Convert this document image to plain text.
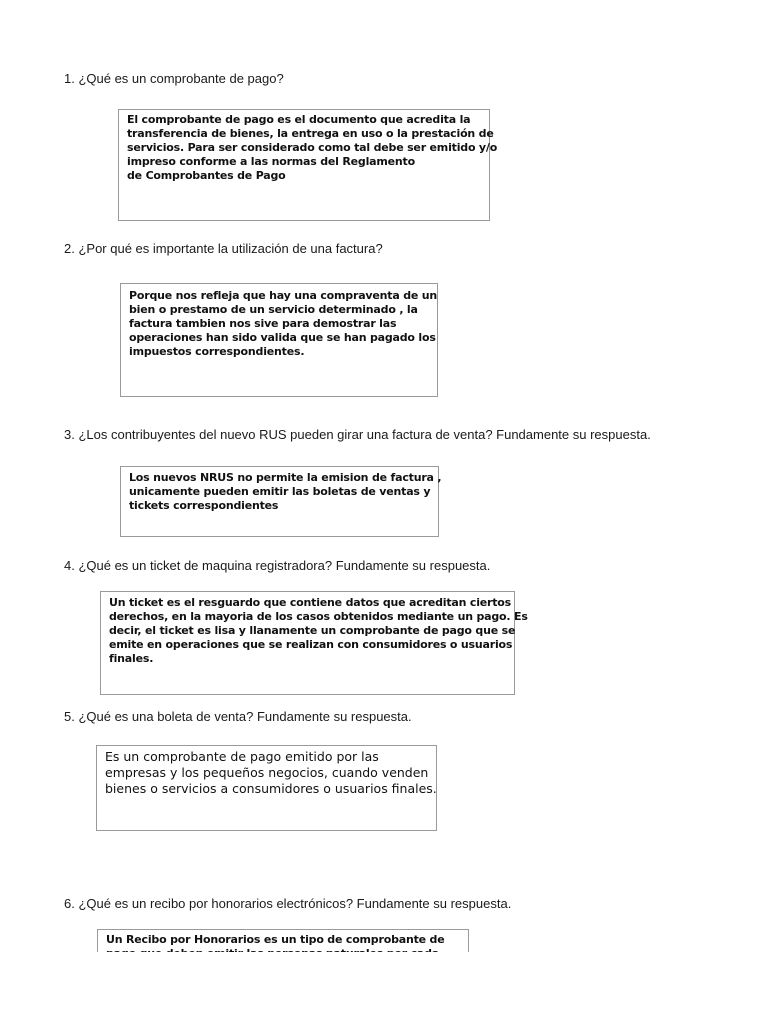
1. ¿Qué es un comprobante de pago?
El comprobante de pago es el documento que acredita la
transferencia de bienes, la entrega en uso o la prestación de
servicios. Para ser considerado como tal debe ser emitido y/o
impreso conforme a las normas del Reglamento
de Comprobantes de Pago
2. ¿Por qué es importante la utilización de una factura?
Porque nos refleja que hay una compraventa de un
bien o prestamo de un servicio determinado , la
factura tambien nos sive para demostrar las
operaciones han sido valida que se han pagado los
impuestos correspondientes.
3. ¿Los contribuyentes del nuevo RUS pueden girar una factura de venta? Fundamente su respuesta.
Los nuevos NRUS no permite la emision de factura ,
unicamente pueden emitir las boletas de ventas y
tickets correspondientes
4. ¿Qué es un ticket de maquina registradora? Fundamente su respuesta.
Un ticket es el resguardo que contiene datos que acreditan ciertos
derechos, en la mayoria de los casos obtenidos mediante un pago. Es
decir, el ticket es lisa y llanamente un comprobante de pago que se
emite en operaciones que se realizan con consumidores o usuarios
finales.
5. ¿Qué es una boleta de venta? Fundamente su respuesta.
Es un comprobante de pago emitido por las
empresas y los pequeños negocios, cuando venden
bienes o servicios a consumidores o usuarios finales.
6. ¿Qué es un recibo por honorarios electrónicos? Fundamente su respuesta.
Un Recibo por Honorarios es un tipo de comprobante de
